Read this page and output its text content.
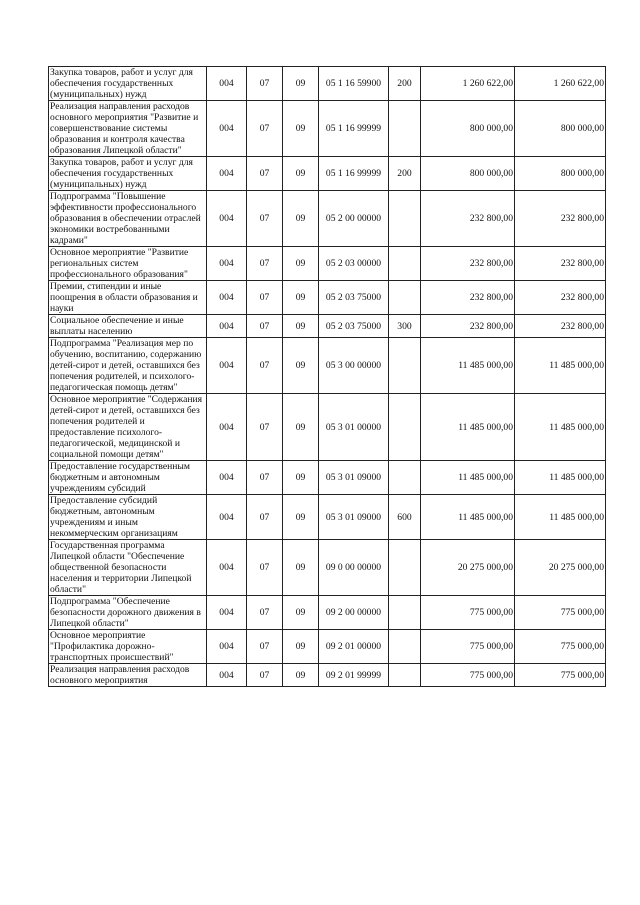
Закупка товаров, работ и услуг для обеспечения государственных (муниципальных) нужд	004	07	09	05 1 16 59900	200	1 260 622,00	1 260 622,00
Реализация направления расходов основного мероприятия "Развитие и совершенствование системы образования и контроля качества образования Липецкой области"	004	07	09	05 1 16 99999		800 000,00	800 000,00
Закупка товаров, работ и услуг для обеспечения государственных (муниципальных) нужд	004	07	09	05 1 16 99999	200	800 000,00	800 000,00
Подпрограмма "Повышение эффективности профессионального образования в обеспечении отраслей экономики востребованными кадрами"	004	07	09	05 2 00 00000		232 800,00	232 800,00
Основное мероприятие "Развитие региональных систем профессионального образования"	004	07	09	05 2 03 00000		232 800,00	232 800,00
Премии, стипендии и иные поощрения в области образования и науки	004	07	09	05 2 03 75000		232 800,00	232 800,00
Социальное обеспечение и иные выплаты населению	004	07	09	05 2 03 75000	300	232 800,00	232 800,00
Подпрограмма "Реализация мер по обучению, воспитанию, содержанию детей-сирот и детей, оставшихся без попечения родителей, и психолого-педагогическая помощь детям"	004	07	09	05 3 00 00000		11 485 000,00	11 485 000,00
Основное мероприятие "Содержания детей-сирот и детей, оставшихся без попечения родителей и предоставление психолого-педагогической, медицинской и социальной помощи детям"	004	07	09	05 3 01 00000		11 485 000,00	11 485 000,00
Предоставление государственным бюджетным и автономным учреждениям субсидий	004	07	09	05 3 01 09000		11 485 000,00	11 485 000,00
Предоставление субсидий бюджетным, автономным учреждениям и иным некоммерческим организациям	004	07	09	05 3 01 09000	600	11 485 000,00	11 485 000,00
Государственная программа Липецкой области "Обеспечение общественной безопасности населения и территории Липецкой области"	004	07	09	09 0 00 00000		20 275 000,00	20 275 000,00
Подпрограмма "Обеспечение безопасности дорожного движения в Липецкой области"	004	07	09	09 2 00 00000		775 000,00	775 000,00
Основное мероприятие "Профилактика дорожно-транспортных происшествий"	004	07	09	09 2 01 00000		775 000,00	775 000,00
Реализация направления расходов основного мероприятия	004	07	09	09 2 01 99999		775 000,00	775 000,00
